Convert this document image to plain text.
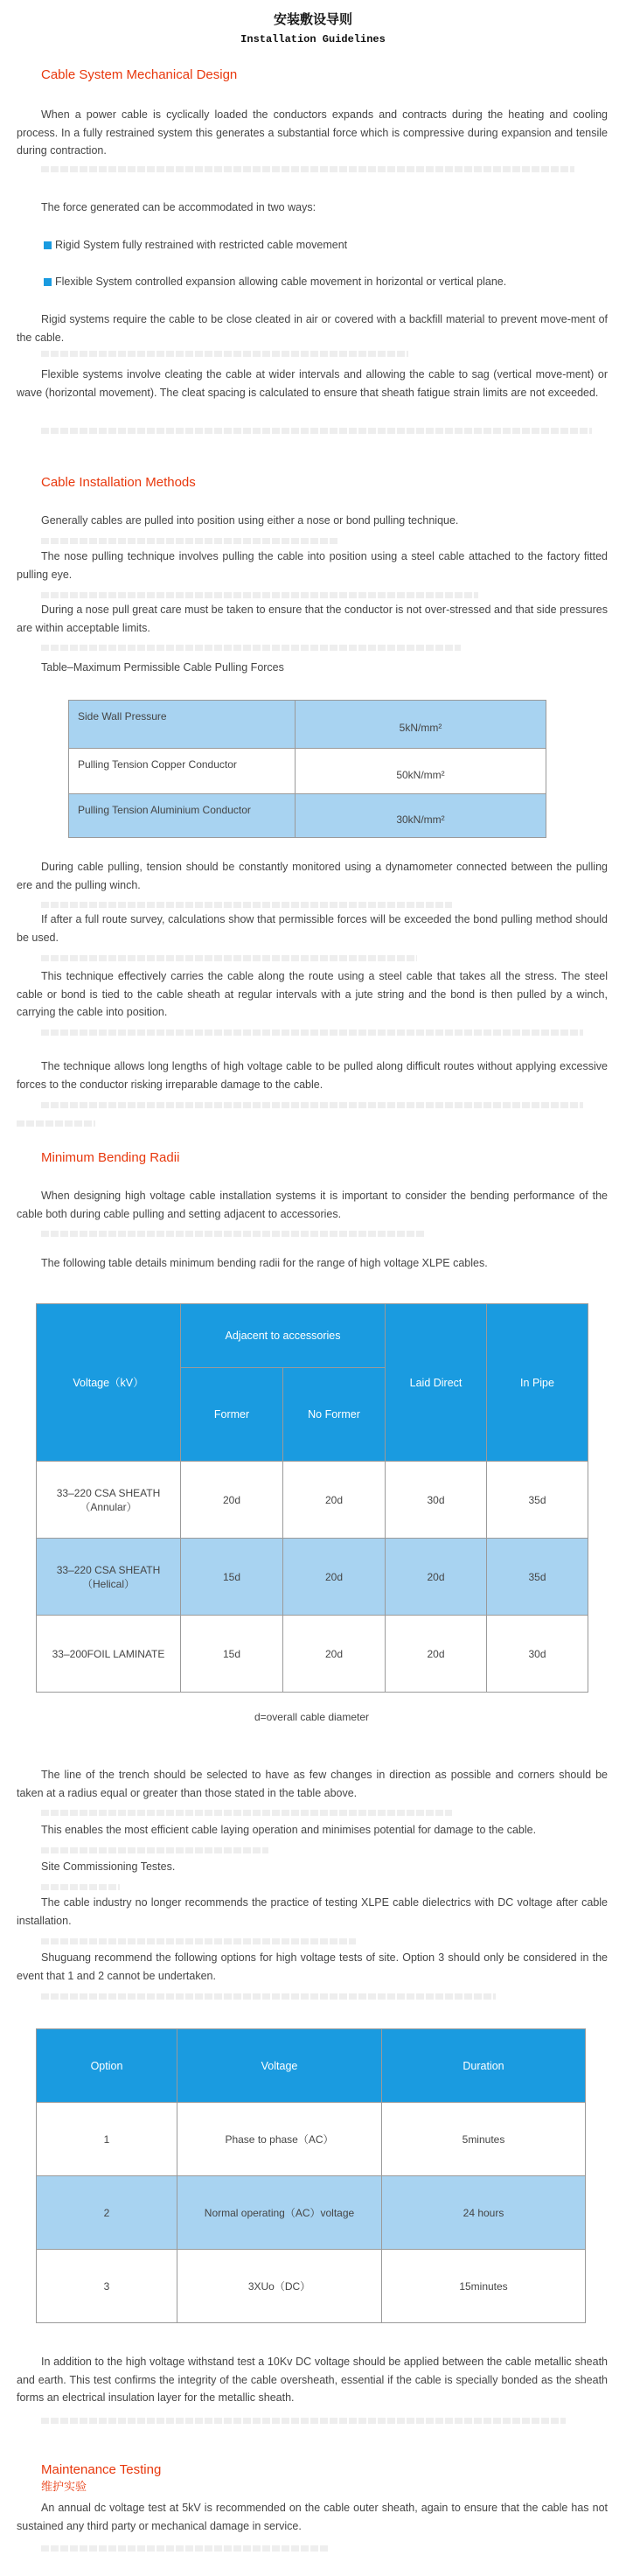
安装敷设导则
Installation Guidelines
Cable System Mechanical Design

When a power cable is cyclically loaded the conductors expands and contracts during the heating and cooling process. In a fully restrained system this generates a substantial force which is compressive during expansion and tensile during contraction.

The force generated can be accommodated in two ways:

Rigid System fully restrained with restricted cable movement
Flexible System controlled expansion allowing cable movement in horizontal or vertical plane.

Rigid systems require the cable to be close cleated in air or covered with a backfill material to prevent move-ment of the cable.

Flexible systems involve cleating the cable at wider intervals and allowing the cable to sag (vertical move-ment) or wave (horizontal movement). The cleat spacing is calculated to ensure that sheath fatigue strain limits are not exceeded.

Cable Installation Methods

Generally cables are pulled into position using either a nose or bond pulling technique.

The nose pulling technique involves pulling the cable into position using a steel cable attached to the factory fitted pulling eye.

During a nose pull great care must be taken to ensure that the conductor is not over-stressed and that side pressures are within acceptable limits.

Table–Maximum Permissible Cable Pulling Forces

Side Wall Pressure	5kN/mm²
Pulling Tension Copper Conductor	50kN/mm²
Pulling Tension Aluminium Conductor	30kN/mm²

During cable pulling, tension should be constantly monitored using a dynamometer connected between the pulling ere and the pulling winch.

If after a full route survey, calculations show that permissible forces will be exceeded the bond pulling method should be used.

This technique effectively carries the cable along the route using a steel cable that takes all the stress. The steel cable or bond is tied to the cable sheath at regular intervals with a jute string and the bond is then pulled by a winch, carrying the cable into position.

The technique allows long lengths of high voltage cable to be pulled along difficult routes without applying excessive forces to the conductor risking irreparable damage to the cable.

Minimum Bending Radii

When designing high voltage cable installation systems it is important to consider the bending performance of the cable both during cable pulling and setting adjacent to accessories.

The following table details minimum bending radii for the range of high voltage XLPE cables.

Voltage（kV）	Adjacent to accessories		Laid Direct	In Pipe
	Former	No Former		
33–220 CSA SHEATH
（Annular）	20d	20d	30d	35d
33–220 CSA SHEATH
（Helical）	15d	20d	20d	35d
33–200FOIL LAMINATE	15d	20d	20d	30d
d=overall cable diameter

The line of the trench should be selected to have as few changes in direction as possible and corners should be taken at a radius equal or greater than those stated in the table above.

This enables the most efficient cable laying operation and minimises potential for damage to the cable.

Site Commissioning Testes.

The cable industry no longer recommends the practice of testing XLPE cable dielectrics with DC voltage after cable installation.

Shuguang recommend the following options for high voltage tests of site. Option 3 should only be considered in the event that 1 and 2 cannot be undertaken.

Option	Voltage	Duration
1	Phase to phase（AC）	5minutes
2	Normal operating（AC）voltage	24 hours
3	3XUo（DC）	15minutes

In addition to the high voltage withstand test a 10Kv DC voltage should be applied between the cable metallic sheath and earth. This test confirms the integrity of the cable oversheath, essential if the cable is specially bonded as the sheath forms an electrical insulation layer for the metallic sheath.

Maintenance Testing
维护实验

An annual dc voltage test at 5kV is recommended on the cable outer sheath, again to ensure that the cable has not sustained any third party or mechanical damage in service.
